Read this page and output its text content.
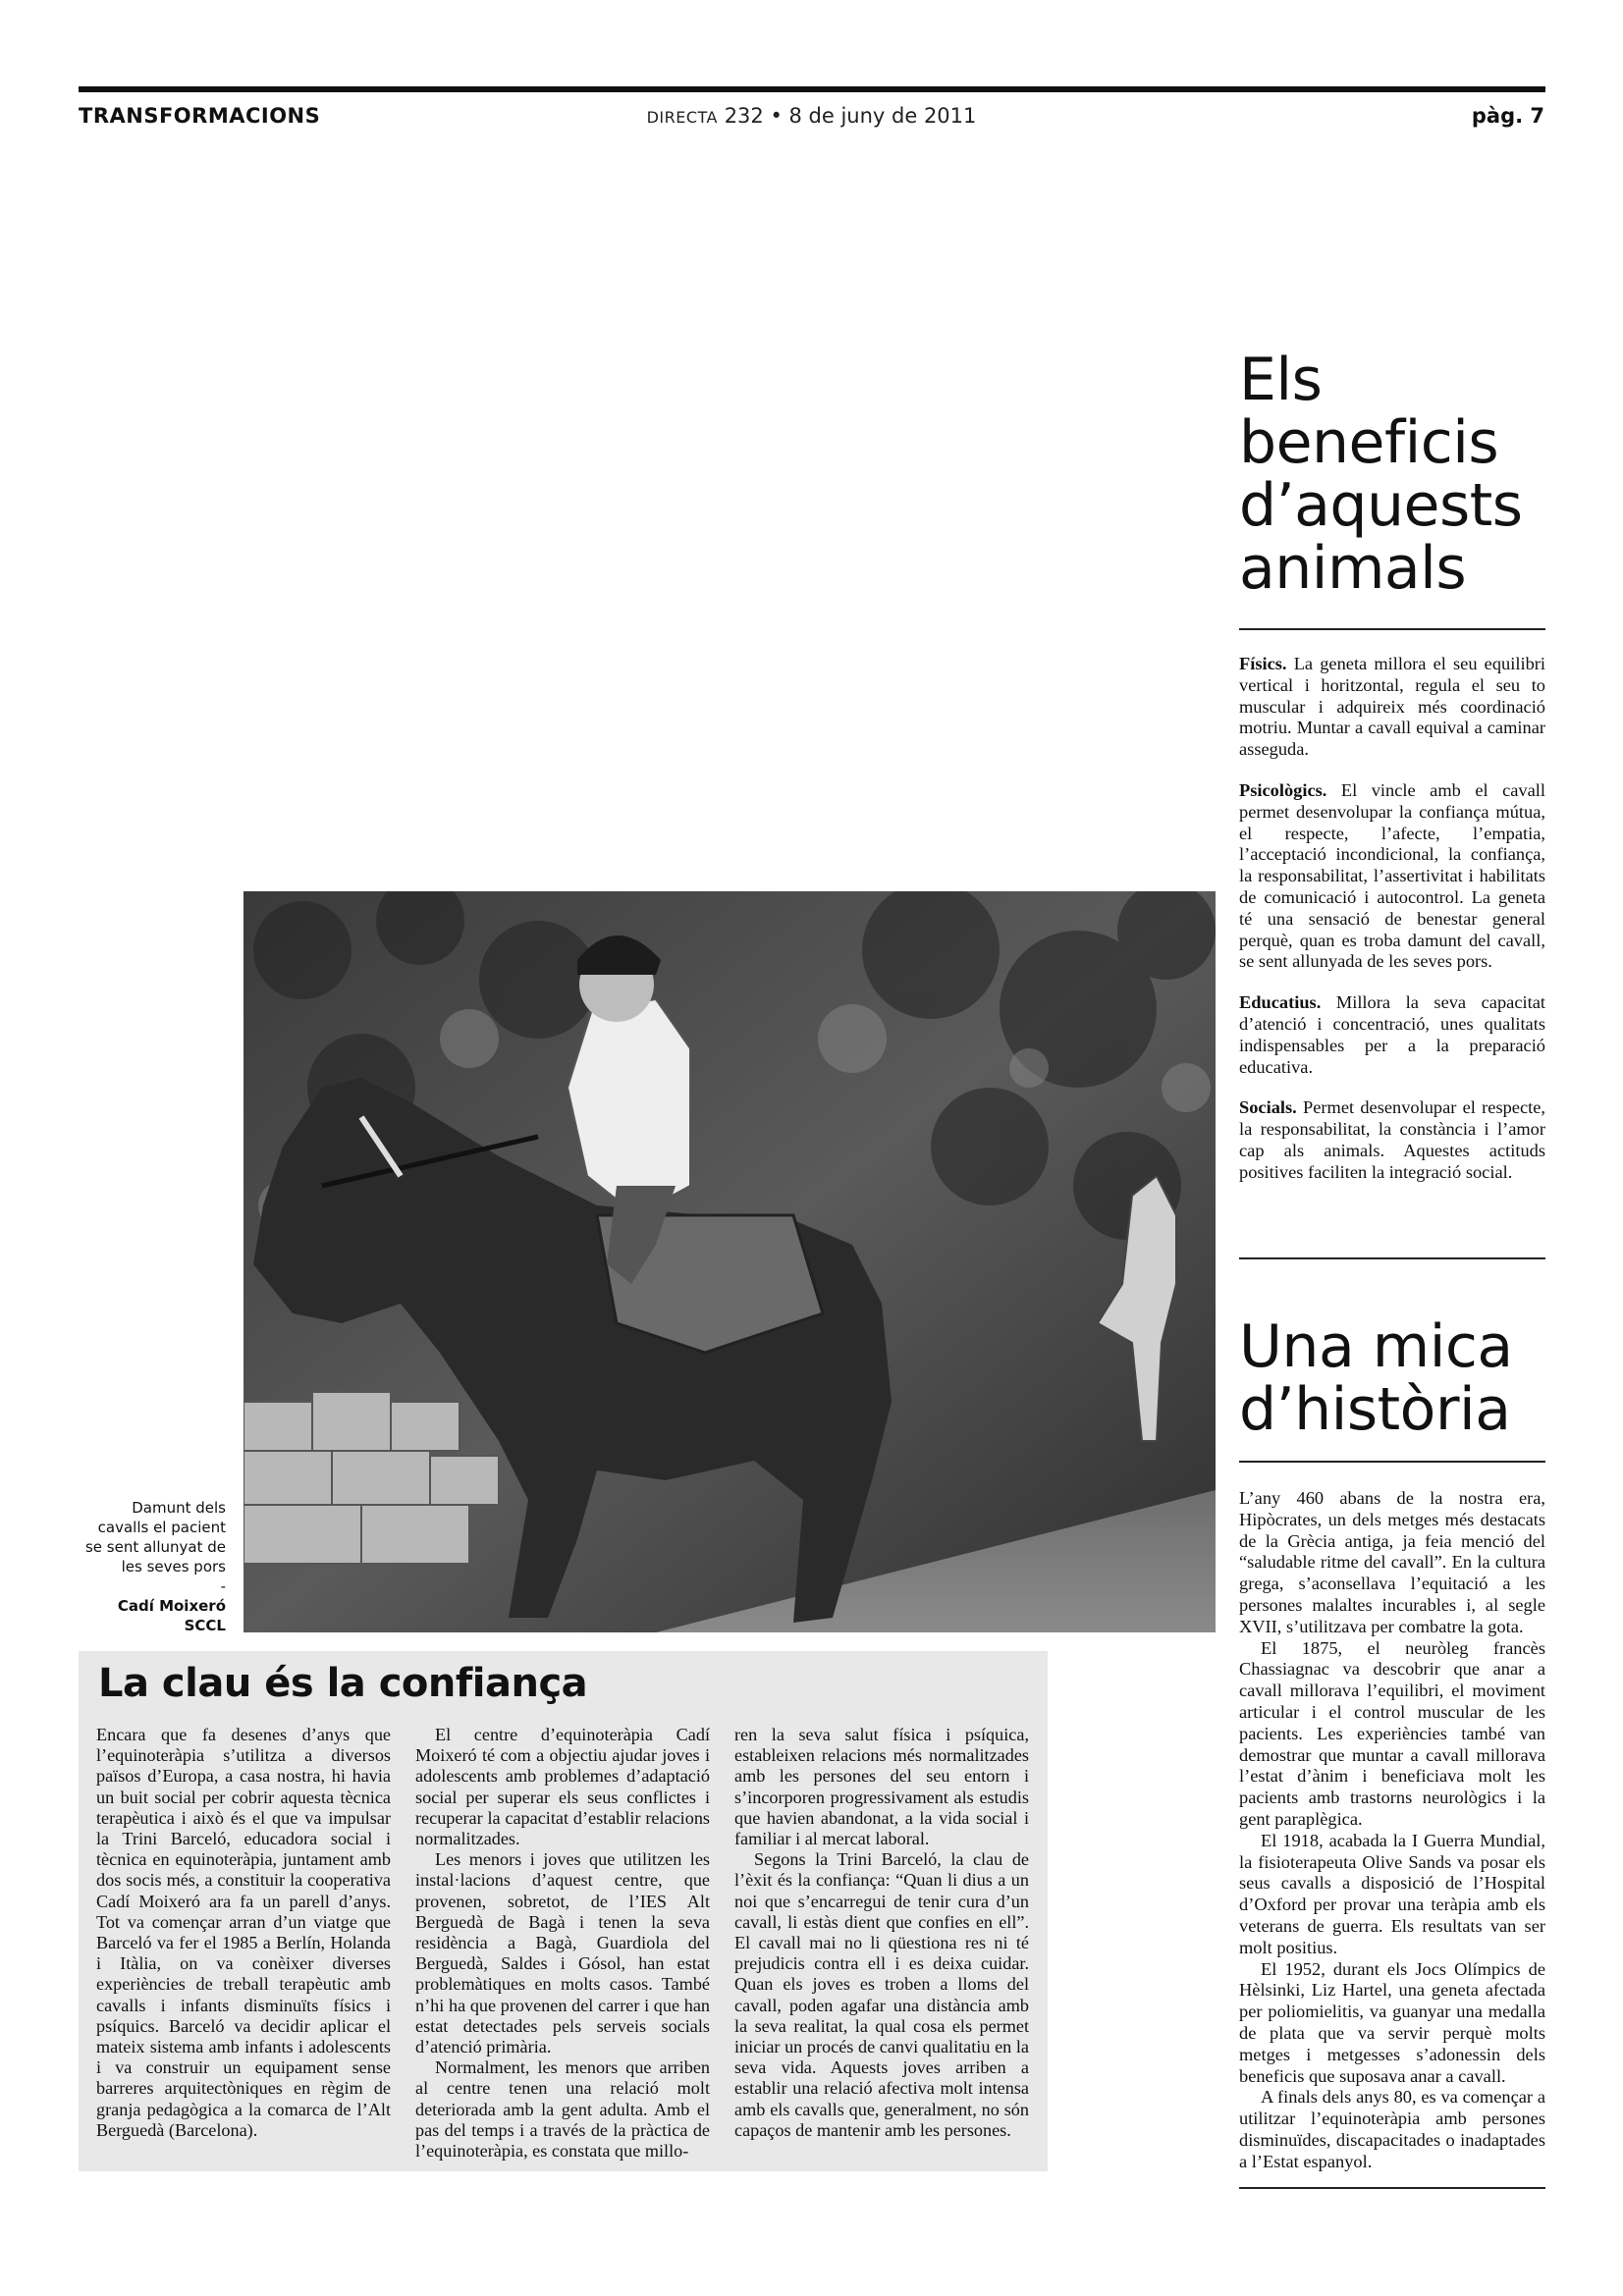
TRANSFORMACIONS	DIRECTA 232 • 8 de juny de 2011	pàg. 7
Els beneficis d’aquests animals

Físics. La geneta millora el seu equilibri vertical i horitzontal, regula el seu to muscular i adquireix més coordinació motriu. Muntar a cavall equival a caminar asseguda.

Psicològics. El vincle amb el cavall permet desenvolupar la confiança mútua, el respecte, l’afecte, l’empatia, l’acceptació incondicional, la confiança, la responsabilitat, l’assertivitat i habilitats de comunicació i autocontrol. La geneta té una sensació de benestar general perquè, quan es troba damunt del cavall, se sent allunyada de les seves pors.

Educatius. Millora la seva capacitat d’atenció i concentració, unes qualitats indispensables per a la preparació educativa.

Socials. Permet desenvolupar el respecte, la responsabilitat, la constància i l’amor cap als animals. Aquestes actituds positives faciliten la integració social.

Una mica d’història

L’any 460 abans de la nostra era, Hipòcrates, un dels metges més destacats de la Grècia antiga, ja feia menció del “saludable ritme del cavall”. En la cultura grega, s’aconsellava l’equitació a les persones malaltes incurables i, al segle XVII, s’utilitzava per combatre la gota.

El 1875, el neuròleg francès Chassiagnac va descobrir que anar a cavall millorava l’equilibri, el moviment articular i el control muscular de les pacients. Les experiències també van demostrar que muntar a cavall millorava l’estat d’ànim i beneficiava molt les pacients amb trastorns neurològics i la gent paraplègica.

El 1918, acabada la I Guerra Mundial, la fisioterapeuta Olive Sands va posar els seus cavalls a disposició de l’Hospital d’Oxford per provar una teràpia amb els veterans de guerra. Els resultats van ser molt positius.

El 1952, durant els Jocs Olímpics de Hèlsinki, Liz Hartel, una geneta afectada per poliomielitis, va guanyar una medalla de plata que va servir perquè molts metges i metgesses s’adonessin dels beneficis que suposava anar a cavall.

A finals dels anys 80, es va començar a utilitzar l’equinoteràpia amb persones disminuïdes, discapacitades o inadaptades a l’Estat espanyol.

Damunt dels cavalls el pacient se sent allunyat de les seves pors
-
Cadí Moixeró SCCL
La clau és la confiança

Encara que fa desenes d’anys que l’equinoteràpia s’utilitza a diversos països d’Europa, a casa nostra, hi havia un buit social per cobrir aquesta tècnica terapèutica i això és el que va impulsar la Trini Barceló, educadora social i tècnica en equinoteràpia, juntament amb dos socis més, a constituir la cooperativa Cadí Moixeró ara fa un parell d’anys. Tot va començar arran d’un viatge que Barceló va fer el 1985 a Berlín, Holanda i Itàlia, on va conèixer diverses experiències de treball terapèutic amb cavalls i infants disminuïts físics i psíquics. Barceló va decidir aplicar el mateix sistema amb infants i adolescents i va construir un equipament sense barreres arquitectòniques en règim de granja pedagògica a la comarca de l’Alt Berguedà (Barcelona).

El centre d’equinoteràpia Cadí Moixeró té com a objectiu ajudar joves i adolescents amb problemes d’adaptació social per superar els seus conflictes i recuperar la capacitat d’establir relacions normalitzades.

Les menors i joves que utilitzen les instal·lacions d’aquest centre, que provenen, sobretot, de l’IES Alt Berguedà de Bagà i tenen la seva residència a Bagà, Guardiola del Berguedà, Saldes i Gósol, han estat problemàtiques en molts casos. També n’hi ha que provenen del carrer i que han estat detectades pels serveis socials d’atenció primària.

Normalment, les menors que arriben al centre tenen una relació molt deteriorada amb la gent adulta. Amb el pas del temps i a través de la pràctica de l’equinoteràpia, es constata que millo-

ren la seva salut física i psíquica, estableixen relacions més normalitzades amb les persones del seu entorn i s’incorporen progressivament als estudis que havien abandonat, a la vida social i familiar i al mercat laboral.

Segons la Trini Barceló, la clau de l’èxit és la confiança: “Quan li dius a un noi que s’encarregui de tenir cura d’un cavall, li estàs dient que confies en ell”. El cavall mai no li qüestiona res ni té prejudicis contra ell i es deixa cuidar. Quan els joves es troben a lloms del cavall, poden agafar una distància amb la seva realitat, la qual cosa els permet iniciar un procés de canvi qualitatiu en la seva vida. Aquests joves arriben a establir una relació afectiva molt intensa amb els cavalls que, generalment, no són capaços de mantenir amb les persones.
